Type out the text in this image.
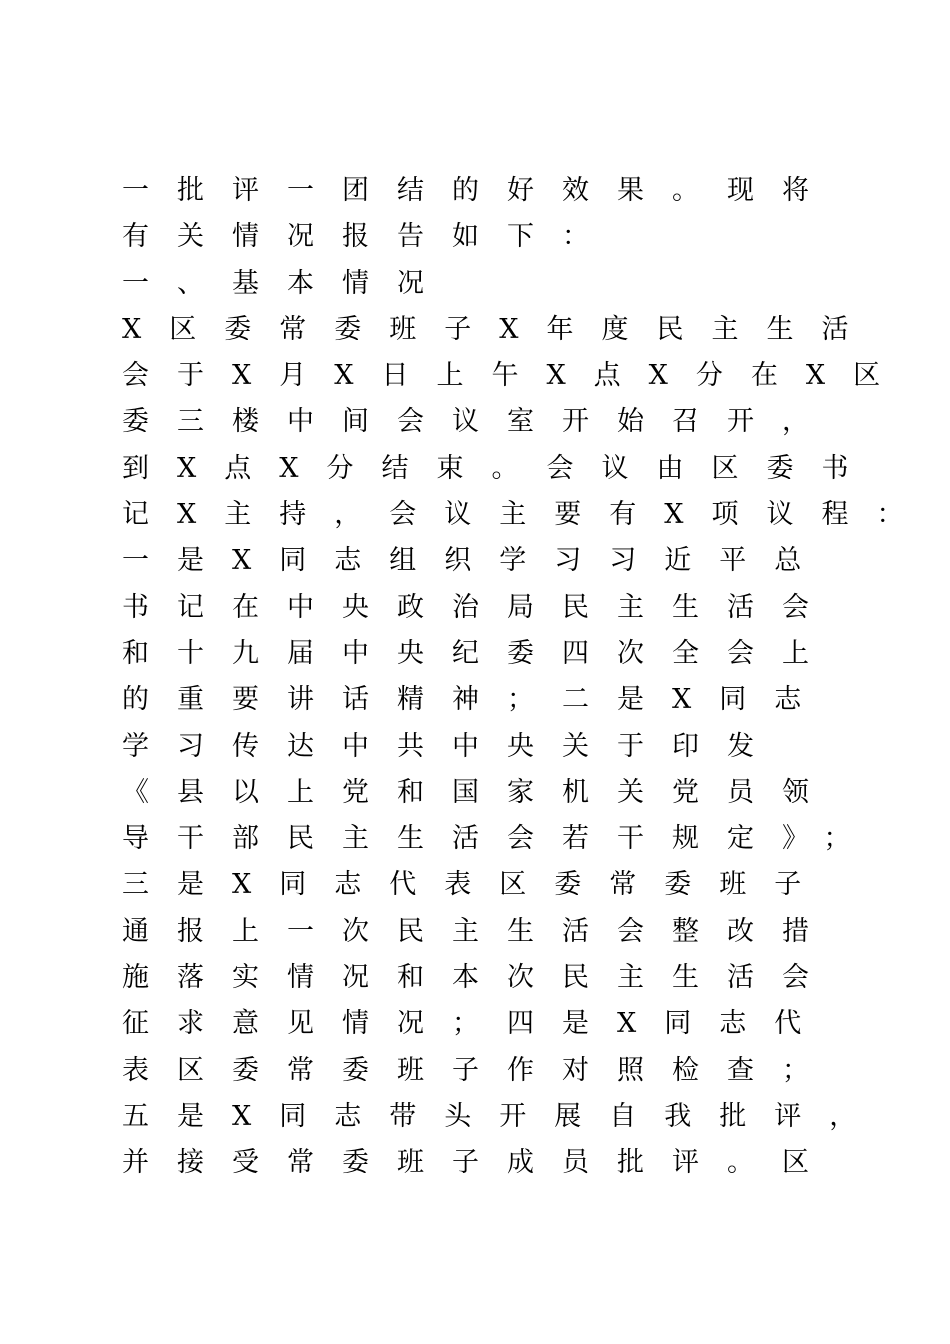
一批评一团结的好效果。现将
有关情况报告如下：
一、基本情况
X区委常委班子X年度民主生活
会于X月X日上午X点X分在X区
委三楼中间会议室开始召开，
到X点X分结束。会议由区委书
记X主持，会议主要有X项议程：
一是X同志组织学习习近平总
书记在中央政治局民主生活会
和十九届中央纪委四次全会上
的重要讲话精神；二是X同志
学习传达中共中央关于印发
《县以上党和国家机关党员领
导干部民主生活会若干规定》；
三是X同志代表区委常委班子
通报上一次民主生活会整改措
施落实情况和本次民主生活会
征求意见情况；四是X同志代
表区委常委班子作对照检查；
五是X同志带头开展自我批评，
并接受常委班子成员批评。区
